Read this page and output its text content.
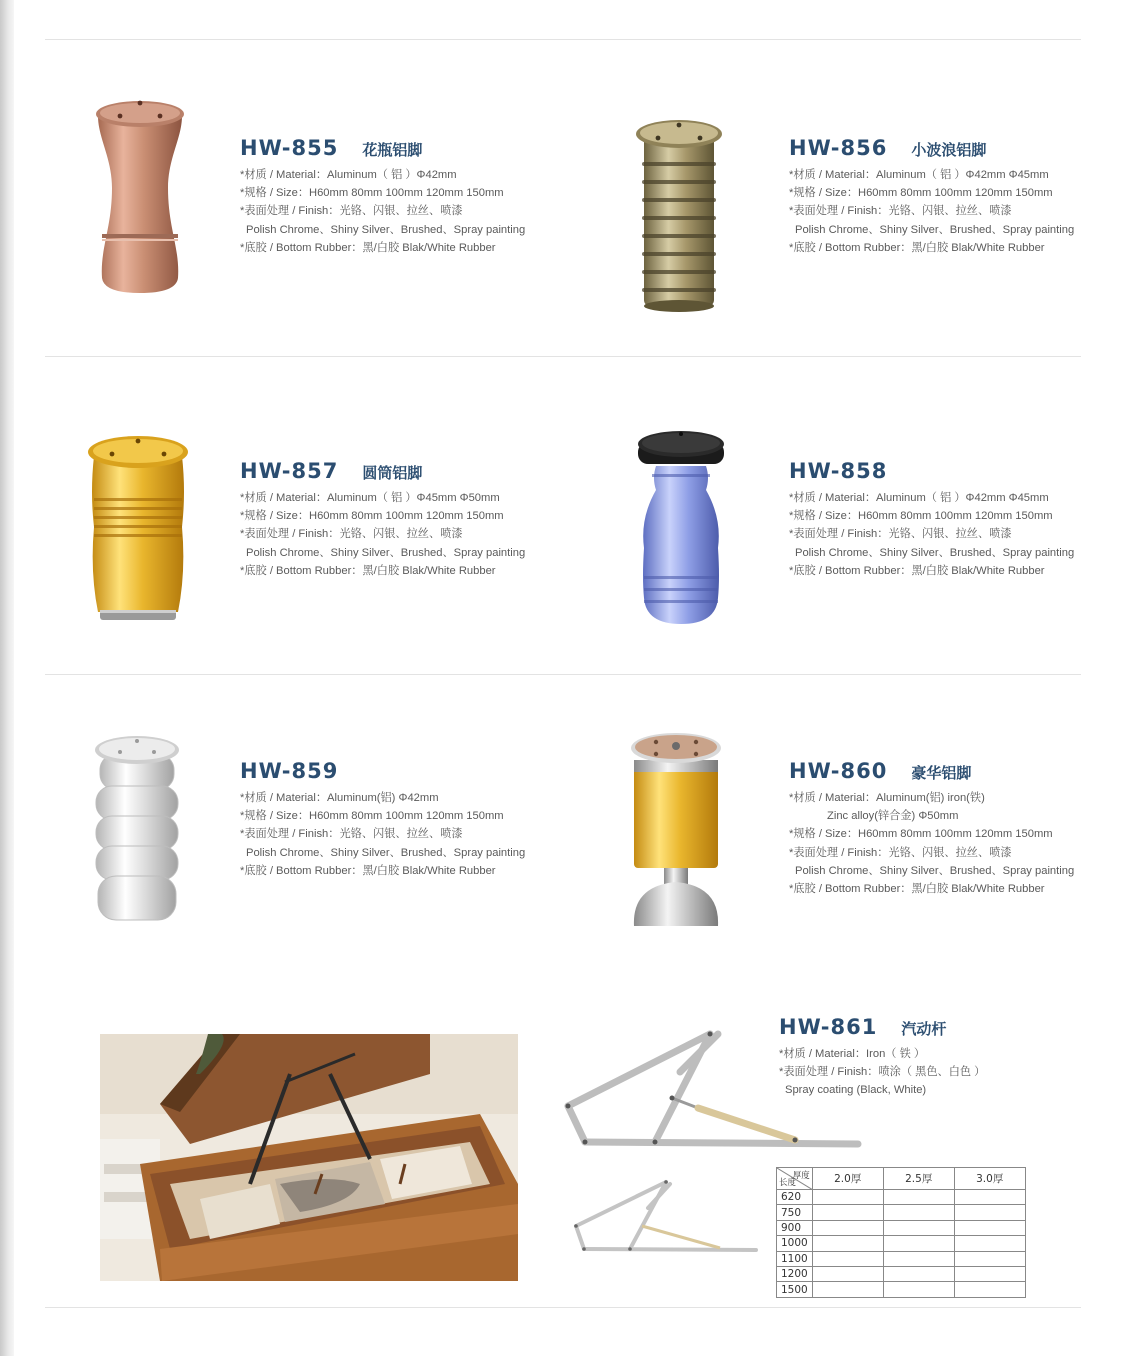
HW-855 花瓶铝脚
*材质 / Material：Aluminum（ 铝 ）Φ42mm
*规格 / Size：H60mm 80mm 100mm 120mm 150mm
*表面处理 / Finish：光铬、闪银、拉丝、喷漆
Polish Chrome、Shiny Silver、Brushed、Spray painting
*底胶 / Bottom Rubber：黑/白胶 Blak/White Rubber
HW-856 小波浪铝脚
*材质 / Material：Aluminum（ 铝 ）Φ42mm Φ45mm
*规格 / Size：H60mm 80mm 100mm 120mm 150mm
*表面处理 / Finish：光铬、闪银、拉丝、喷漆
Polish Chrome、Shiny Silver、Brushed、Spray painting
*底胶 / Bottom Rubber：黑/白胶 Blak/White Rubber
HW-857 圆筒铝脚
*材质 / Material：Aluminum（ 铝 ）Φ45mm Φ50mm
*规格 / Size：H60mm 80mm 100mm 120mm 150mm
*表面处理 / Finish：光铬、闪银、拉丝、喷漆
Polish Chrome、Shiny Silver、Brushed、Spray painting
*底胶 / Bottom Rubber：黑/白胶 Blak/White Rubber
HW-858
*材质 / Material：Aluminum（ 铝 ）Φ42mm Φ45mm
*规格 / Size：H60mm 80mm 100mm 120mm 150mm
*表面处理 / Finish：光铬、闪银、拉丝、喷漆
Polish Chrome、Shiny Silver、Brushed、Spray painting
*底胶 / Bottom Rubber：黑/白胶 Blak/White Rubber
HW-859
*材质 / Material：Aluminum(铝) Φ42mm
*规格 / Size：H60mm 80mm 100mm 120mm 150mm
*表面处理 / Finish：光铬、闪银、拉丝、喷漆
Polish Chrome、Shiny Silver、Brushed、Spray painting
*底胶 / Bottom Rubber：黑/白胶 Blak/White Rubber
HW-860 豪华铝脚
*材质 / Material：Aluminum(铝) iron(铁)
Zinc alloy(锌合金) Φ50mm
*规格 / Size：H60mm 80mm 100mm 120mm 150mm
*表面处理 / Finish：光铬、闪银、拉丝、喷漆
Polish Chrome、Shiny Silver、Brushed、Spray painting
*底胶 / Bottom Rubber：黑/白胶 Blak/White Rubber
HW-861 汽动杆
*材质 / Material：Iron（ 铁 ）
*表面处理 / Finish：喷涂（ 黑色、白色 ）
Spray coating (Black, White)
厚度
长度	2.0厚	2.5厚	3.0厚
620			
750			
900			
1000			
1100			
1200			
1500			
